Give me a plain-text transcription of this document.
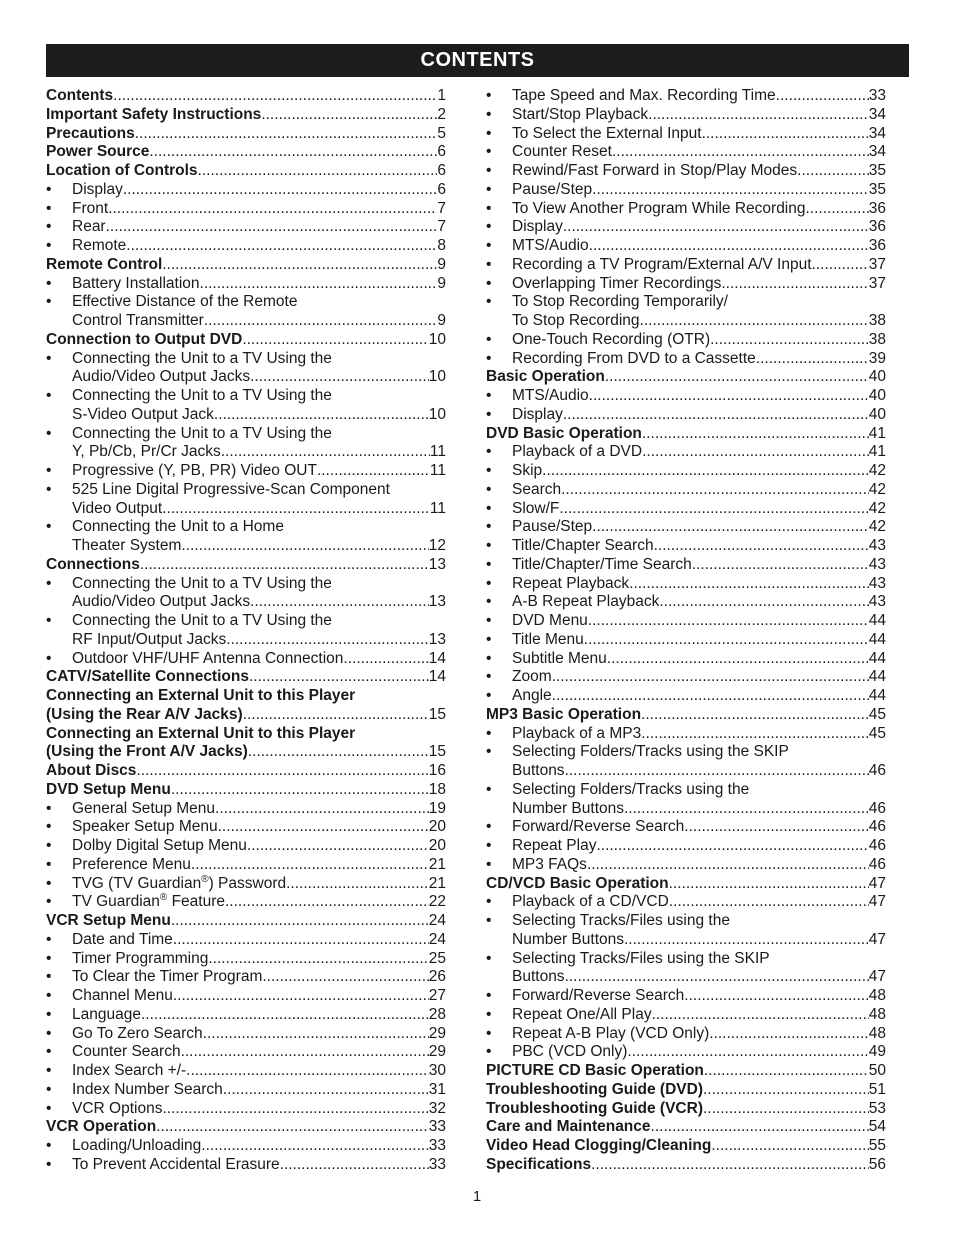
CONTENTS
Contents .....	1
Important Safety Instructions .....	2
Precautions .....	5
Power Source .....	6
Location of Controls .....	6
• Display .....	6
• Front .....	7
• Rear .....	7
• Remote .....	8
Remote Control .....	9
• Battery Installation .....	9
• Effective Distance of the Remote
Control Transmitter .....	9
Connection to Output DVD .....	10
• Connecting the Unit to a TV Using the
Audio/Video Output Jacks .....	10
• Connecting the Unit to a TV Using the
S-Video Output Jack .....	10
• Connecting the Unit to a TV Using the
Y, Pb/Cb, Pr/Cr Jacks .....	11
• Progressive (Y, PB, PR) Video OUT .....	11
• 525 Line Digital Progressive-Scan Component
Video Output .....	11
• Connecting the Unit to a Home
Theater System .....	12
Connections .....	13
• Connecting the Unit to a TV Using the
Audio/Video Output Jacks .....	13
• Connecting the Unit to a TV Using the
RF Input/Output Jacks .....	13
• Outdoor VHF/UHF Antenna Connection .....	14
CATV/Satellite Connections .....	14
Connecting an External Unit to this Player
(Using the Rear A/V Jacks) .....	15
Connecting an External Unit to this Player
(Using the Front A/V Jacks) .....	15
About Discs .....	16
DVD Setup Menu .....	18
• General Setup Menu .....	19
• Speaker Setup Menu .....	20
• Dolby Digital Setup Menu .....	20
• Preference Menu .....	21
• TVG (TV Guardian®) Password .....	21
• TV Guardian® Feature .....	22
VCR Setup Menu .....	24
• Date and Time .....	24
• Timer Programming .....	25
• To Clear the Timer Program .....	26
• Channel Menu .....	27
• Language .....	28
• Go To Zero Search .....	29
• Counter Search .....	29
• Index Search +/- .....	30
• Index Number Search .....	31
• VCR Options .....	32
VCR Operation .....	33
• Loading/Unloading .....	33
• To Prevent Accidental Erasure .....	33
• Tape Speed and Max. Recording Time .....	33
• Start/Stop Playback. .....	34
• To Select the External Input .....	34
• Counter Reset .....	34
• Rewind/Fast Forward in Stop/Play Modes .....	35
• Pause/Step .....	35
• To View Another Program While Recording .....	36
• Display .....	36
• MTS/Audio .....	36
• Recording a TV Program/External A/V Input. .....	37
• Overlapping Timer Recordings .....	37
• To Stop Recording Temporarily/
To Stop Recording .....	38
• One-Touch Recording (OTR) .....	38
• Recording From DVD to a Cassette .....	39
Basic Operation .....	40
• MTS/Audio .....	40
• Display .....	40
DVD Basic Operation .....	41
• Playback of a DVD .....	41
• Skip .....	42
• Search .....	42
• Slow/F .....	42
• Pause/Step .....	42
• Title/Chapter Search .....	43
• Title/Chapter/Time Search .....	43
• Repeat Playback .....	43
• A-B Repeat Playback .....	43
• DVD Menu .....	44
• Title Menu .....	44
• Subtitle Menu .....	44
• Zoom .....	44
• Angle .....	44
MP3 Basic Operation .....	45
• Playback of a MP3 .....	45
• Selecting Folders/Tracks using the SKIP
Buttons .....	46
• Selecting Folders/Tracks using the
Number Buttons .....	46
• Forward/Reverse Search .....	46
• Repeat Play .....	46
• MP3 FAQs .....	46
CD/VCD Basic Operation .....	47
• Playback of a CD/VCD .....	47
• Selecting Tracks/Files using the
Number Buttons .....	47
• Selecting Tracks/Files using the SKIP
Buttons .....	47
• Forward/Reverse Search .....	48
• Repeat One/All Play .....	48
• Repeat A-B Play (VCD Only) .....	48
• PBC (VCD Only) .....	49
PICTURE CD Basic Operation .....	50
Troubleshooting Guide (DVD) .....	51
Troubleshooting Guide (VCR) .....	53
Care and Maintenance .....	54
Video Head Clogging/Cleaning .....	55
Specifications .....	56
1
